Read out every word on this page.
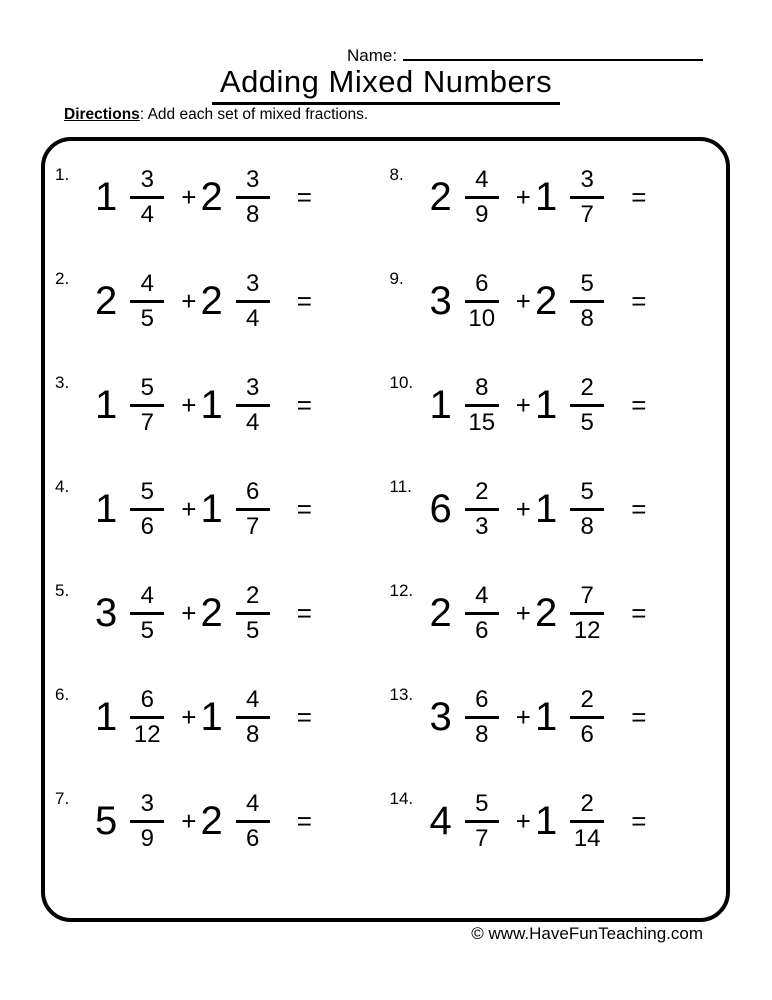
Name:
Adding Mixed Numbers
Directions: Add each set of mixed fractions.
1.
$1 \frac{3}{4} + 2 \frac{3}{8}$ =
2.
$2 \frac{4}{5} + 2 \frac{3}{4}$ =
3.
$1 \frac{5}{7} + 1 \frac{3}{4}$ =
4.
$1 \frac{5}{6} + 1 \frac{6}{7}$ =
5.
$3 \frac{4}{5} + 2 \frac{2}{5}$ =
6.
$1 \frac{6}{12} + 1 \frac{4}{8}$ =
7.
$5 \frac{3}{9} + 2 \frac{4}{6}$ =
8.
$2 \frac{4}{9} + 1 \frac{3}{7}$ =
9.
$3 \frac{6}{10} + 2 \frac{5}{8}$ =
10.
$1 \frac{8}{15} + 1 \frac{2}{5}$ =
11.
$6 \frac{2}{3} + 1 \frac{5}{8}$ =
12.
$2 \frac{4}{6} + 2 \frac{7}{12}$ =
13.
$3 \frac{6}{8} + 1 \frac{2}{6}$ =
14.
$4 \frac{5}{7} + 1 \frac{2}{14}$ =
© www.HaveFunTeaching.com
